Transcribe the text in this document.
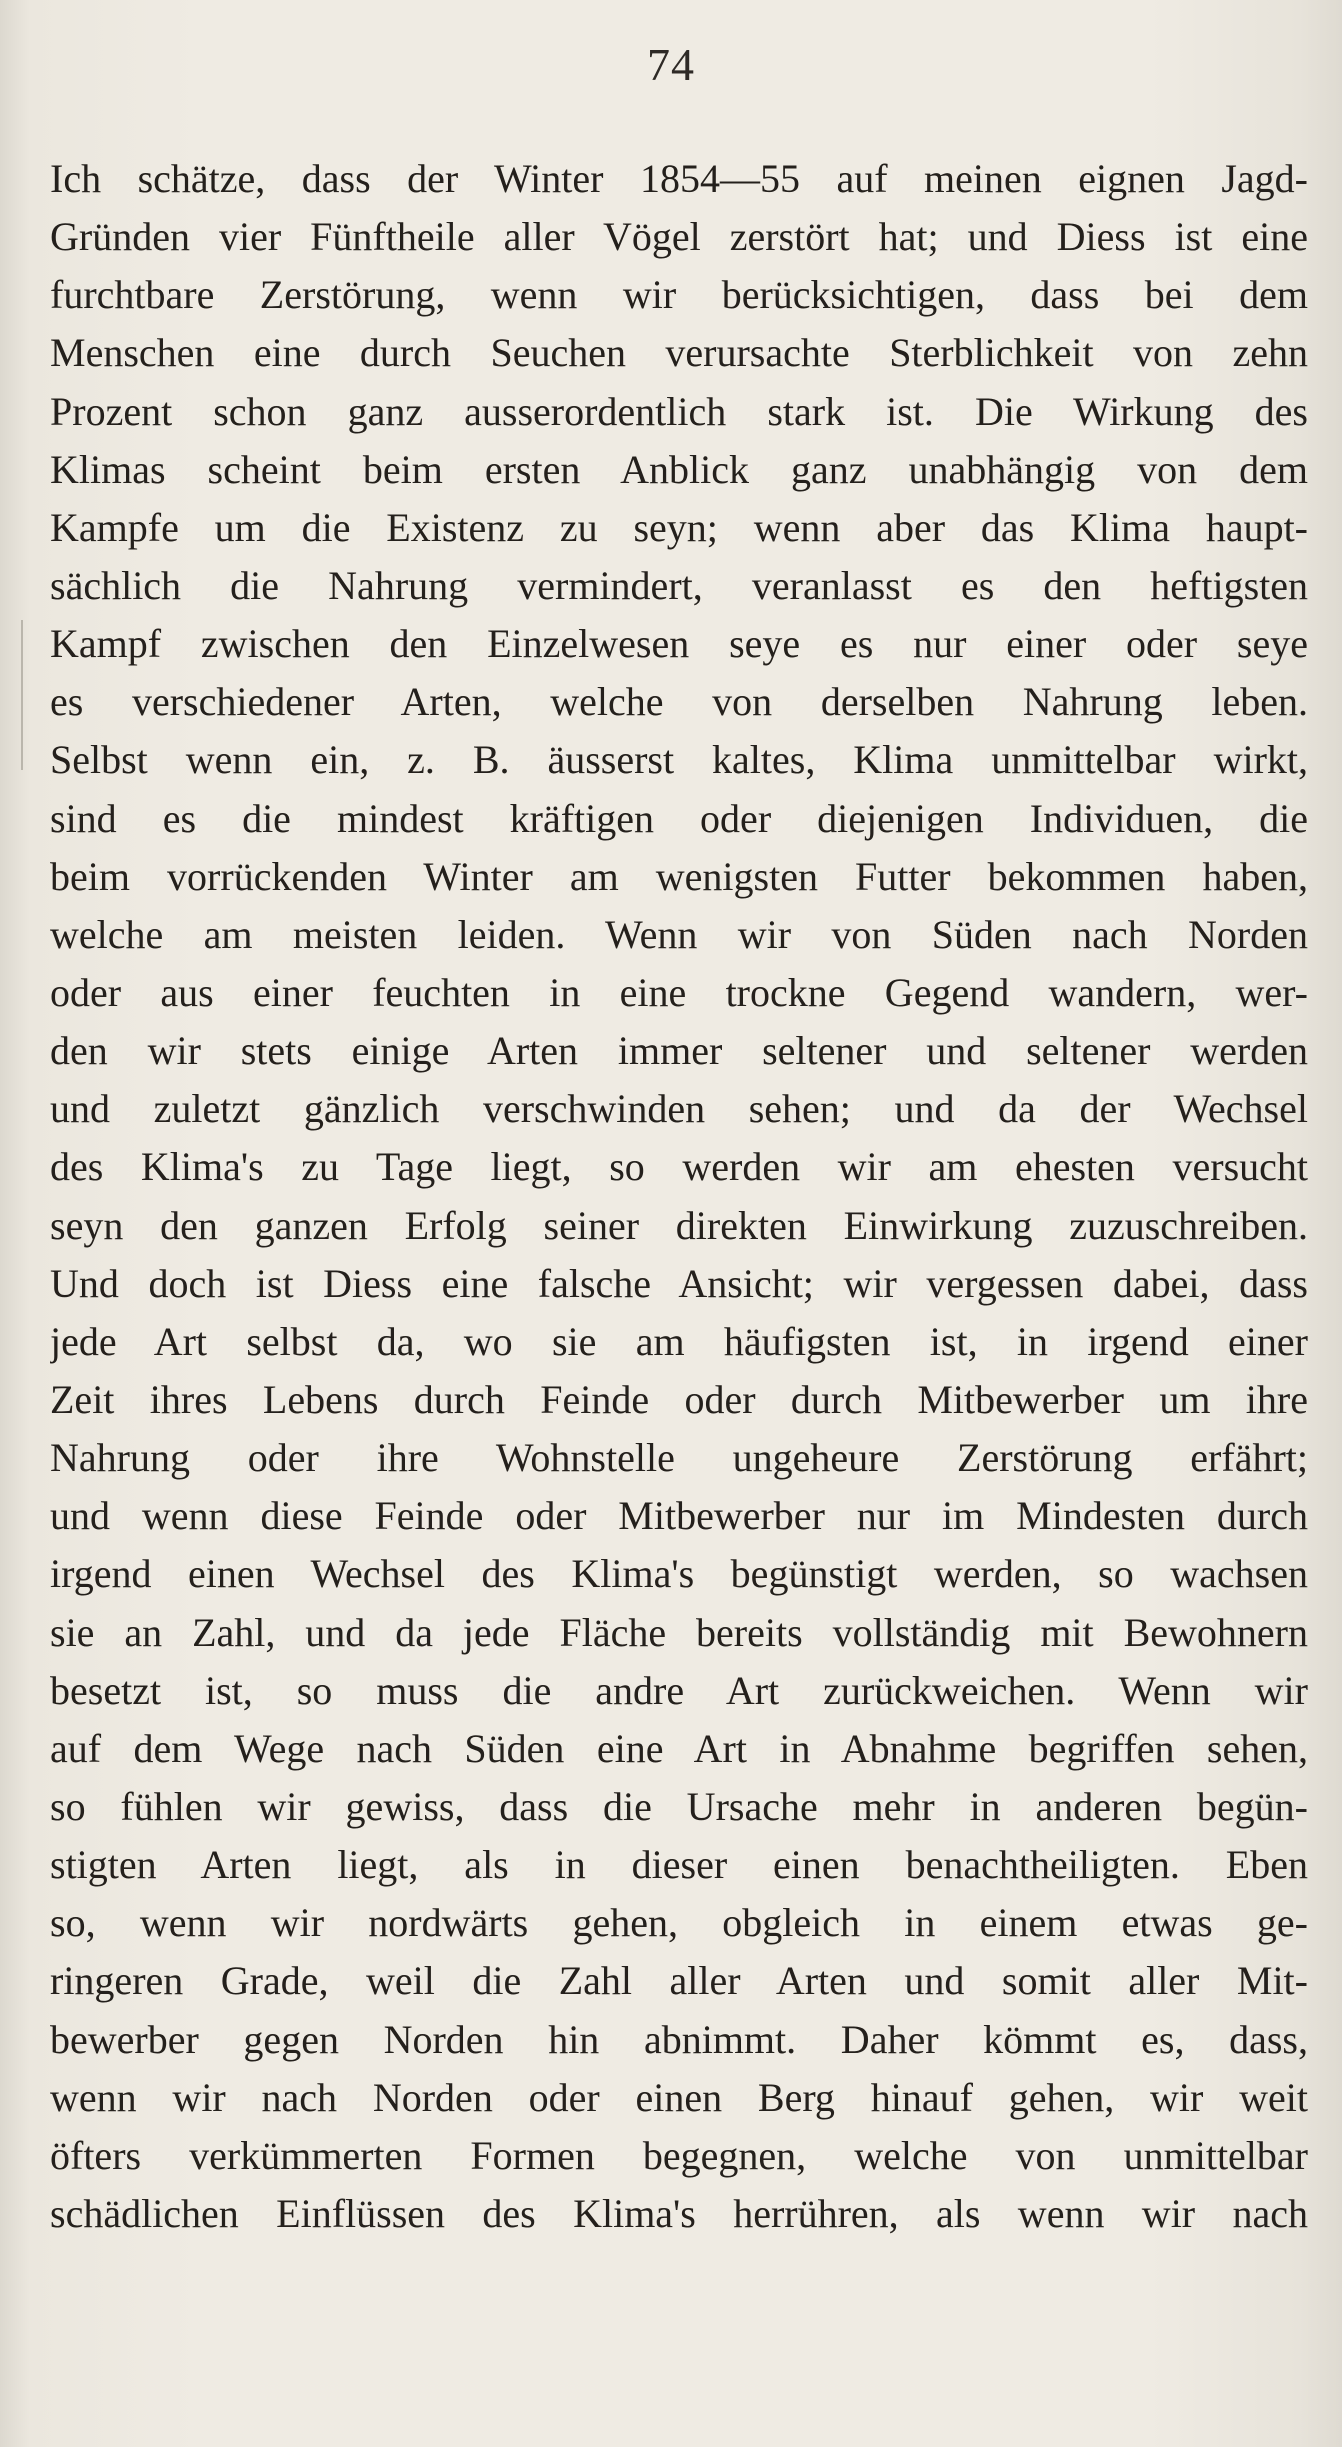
74
Ich schätze, dass der Winter 1854—55 auf meinen eignen Jagd-
Gründen vier Fünftheile aller Vögel zerstört hat; und Diess ist eine
furchtbare Zerstörung, wenn wir berücksichtigen, dass bei dem
Menschen eine durch Seuchen verursachte Sterblichkeit von zehn
Prozent schon ganz ausserordentlich stark ist. Die Wirkung des
Klimas scheint beim ersten Anblick ganz unabhängig von dem
Kampfe um die Existenz zu seyn; wenn aber das Klima haupt-
sächlich die Nahrung vermindert, veranlasst es den heftigsten
Kampf zwischen den Einzelwesen seye es nur einer oder seye
es verschiedener Arten, welche von derselben Nahrung leben.
Selbst wenn ein, z. B. äusserst kaltes, Klima unmittelbar wirkt,
sind es die mindest kräftigen oder diejenigen Individuen, die
beim vorrückenden Winter am wenigsten Futter bekommen haben,
welche am meisten leiden. Wenn wir von Süden nach Norden
oder aus einer feuchten in eine trockne Gegend wandern, wer-
den wir stets einige Arten immer seltener und seltener werden
und zuletzt gänzlich verschwinden sehen; und da der Wechsel
des Klima's zu Tage liegt, so werden wir am ehesten versucht
seyn den ganzen Erfolg seiner direkten Einwirkung zuzuschreiben.
Und doch ist Diess eine falsche Ansicht; wir vergessen dabei, dass
jede Art selbst da, wo sie am häufigsten ist, in irgend einer
Zeit ihres Lebens durch Feinde oder durch Mitbewerber um ihre
Nahrung oder ihre Wohnstelle ungeheure Zerstörung erfährt;
und wenn diese Feinde oder Mitbewerber nur im Mindesten durch
irgend einen Wechsel des Klima's begünstigt werden, so wachsen
sie an Zahl, und da jede Fläche bereits vollständig mit Bewohnern
besetzt ist, so muss die andre Art zurückweichen. Wenn wir
auf dem Wege nach Süden eine Art in Abnahme begriffen sehen,
so fühlen wir gewiss, dass die Ursache mehr in anderen begün-
stigten Arten liegt, als in dieser einen benachtheiligten. Eben
so, wenn wir nordwärts gehen, obgleich in einem etwas ge-
ringeren Grade, weil die Zahl aller Arten und somit aller Mit-
bewerber gegen Norden hin abnimmt. Daher kömmt es, dass,
wenn wir nach Norden oder einen Berg hinauf gehen, wir weit
öfters verkümmerten Formen begegnen, welche von unmittelbar
schädlichen Einflüssen des Klima's herrühren, als wenn wir nach
